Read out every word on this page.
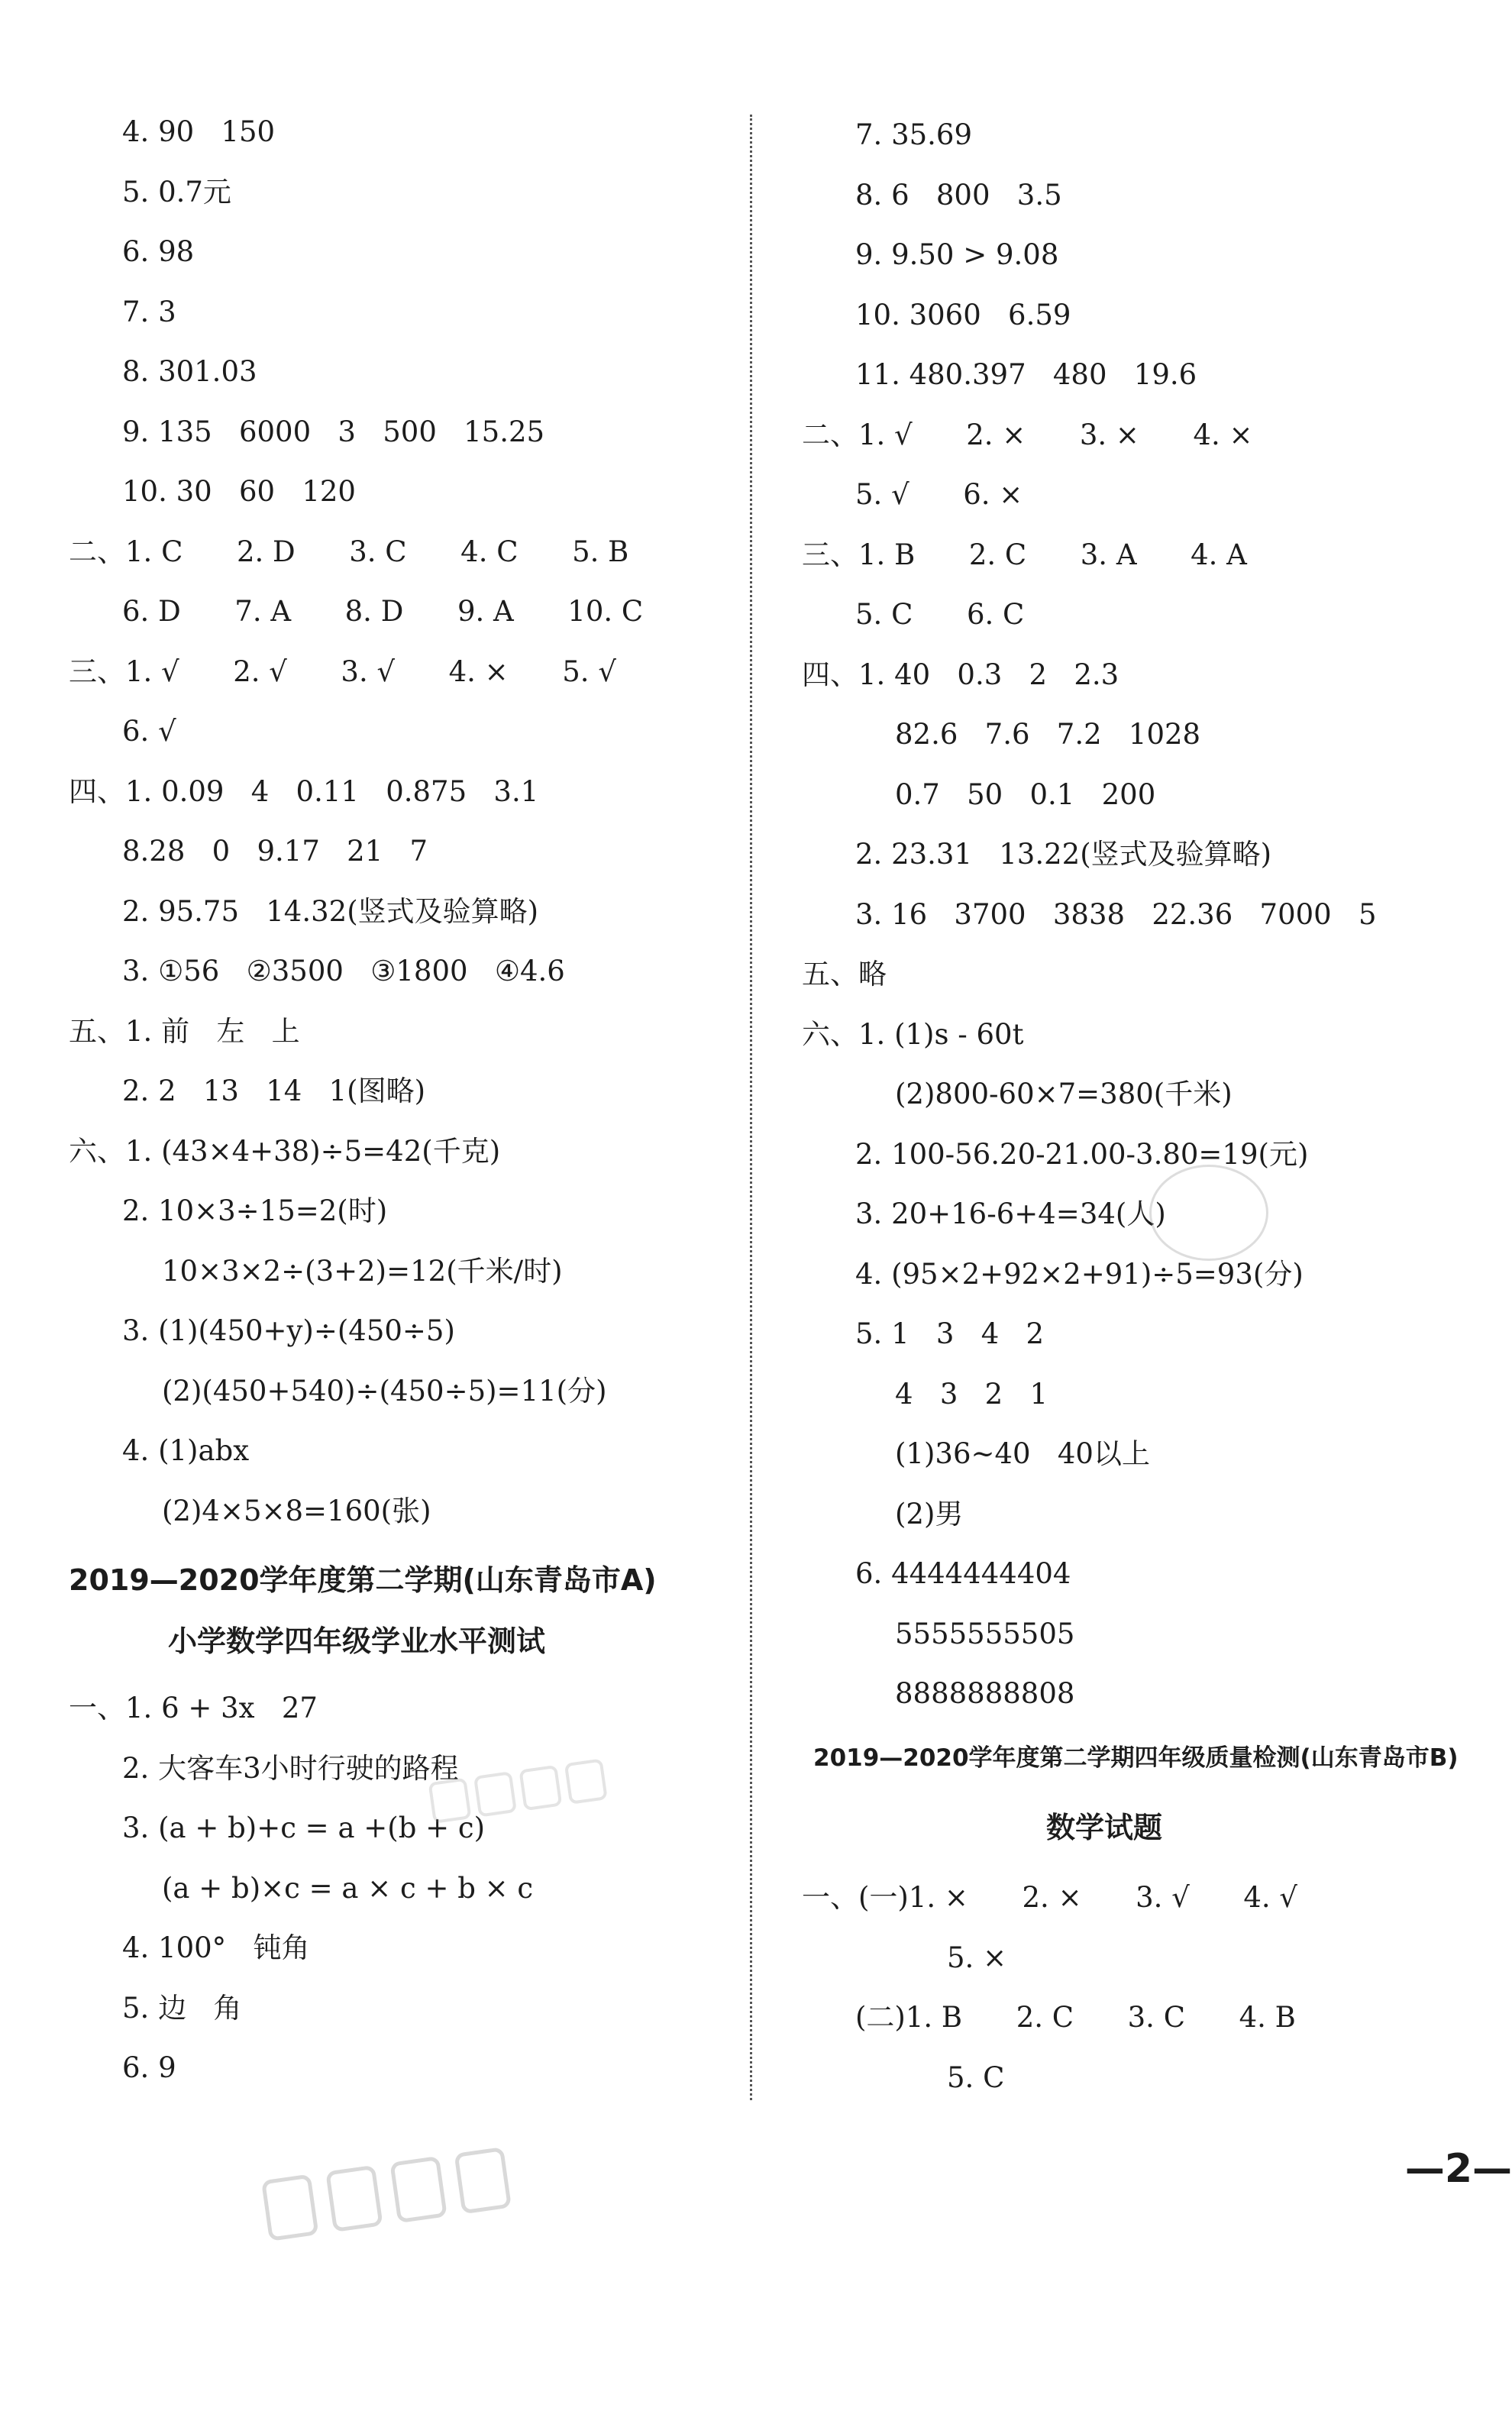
4. 90   150
5. 0.7元
6. 98
7. 3
8. 301.03
9. 135   6000   3   500   15.25
10. 30   60   120
二、1. C      2. D      3. C      4. C      5. B
6. D      7. A      8. D      9. A      10. C
三、1. √      2. √      3. √      4. ×      5. √
6. √
四、1. 0.09   4   0.11   0.875   3.1
8.28   0   9.17   21   7
2. 95.75   14.32(竖式及验算略)
3. ①56   ②3500   ③1800   ④4.6
五、1. 前   左   上
2. 2   13   14   1(图略)
六、1. (43×4+38)÷5=42(千克)
2. 10×3÷15=2(时)
10×3×2÷(3+2)=12(千米/时)
3. (1)(450+y)÷(450÷5)
(2)(450+540)÷(450÷5)=11(分)
4. (1)abx
(2)4×5×8=160(张)
2019—2020学年度第二学期(山东青岛市A)
小学数学四年级学业水平测试
一、1. 6 + 3x   27
2. 大客车3小时行驶的路程
3. (a + b)+c = a +(b + c)
(a + b)×c = a × c + b × c
4. 100°   钝角
5. 边   角
6. 9
7. 35.69
8. 6   800   3.5
9. 9.50 > 9.08
10. 3060   6.59
11. 480.397   480   19.6
二、1. √      2. ×      3. ×      4. ×
5. √      6. ×
三、1. B      2. C      3. A      4. A
5. C      6. C
四、1. 40   0.3   2   2.3
82.6   7.6   7.2   1028
0.7   50   0.1   200
2. 23.31   13.22(竖式及验算略)
3. 16   3700   3838   22.36   7000   5
五、略
六、1. (1)s - 60t
(2)800-60×7=380(千米)
2. 100-56.20-21.00-3.80=19(元)
3. 20+16-6+4=34(人)
4. (95×2+92×2+91)÷5=93(分)
5. 1   3   4   2
4   3   2   1
(1)36~40   40以上
(2)男
6. 4444444404
5555555505
8888888808
2019—2020学年度第二学期四年级质量检测(山东青岛市B)
数学试题
一、(一)1. ×      2. ×      3. √      4. √
5. ×
(二)1. B      2. C      3. C      4. B
5. C
—2—
